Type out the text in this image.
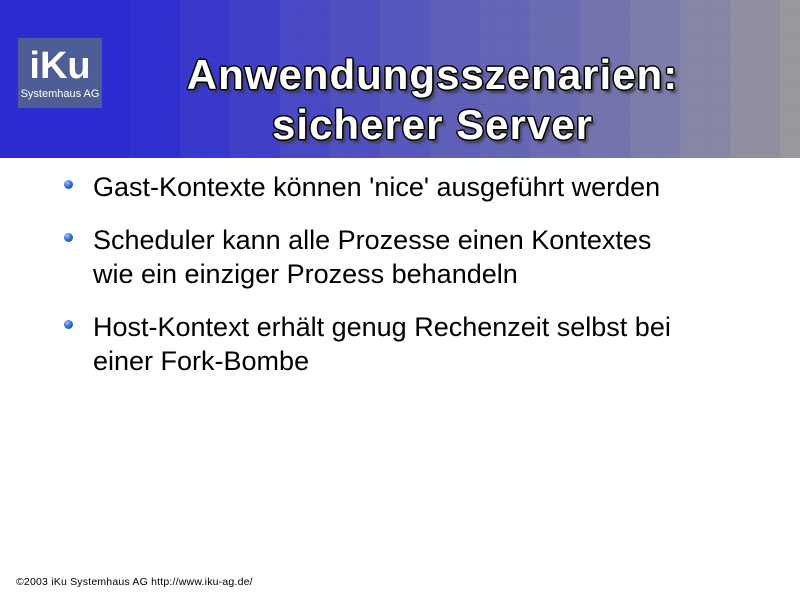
iKu
Systemhaus AG	Anwendungsszenarien:
sicherer Server
Gast-Kontexte können 'nice' ausgeführt werden
Scheduler kann alle Prozesse einen Kontextes
wie ein einziger Prozess behandeln
Host-Kontext erhält genug Rechenzeit selbst bei
einer Fork-Bombe
©2003 iKu Systemhaus AG http://www.iku-ag.de/
